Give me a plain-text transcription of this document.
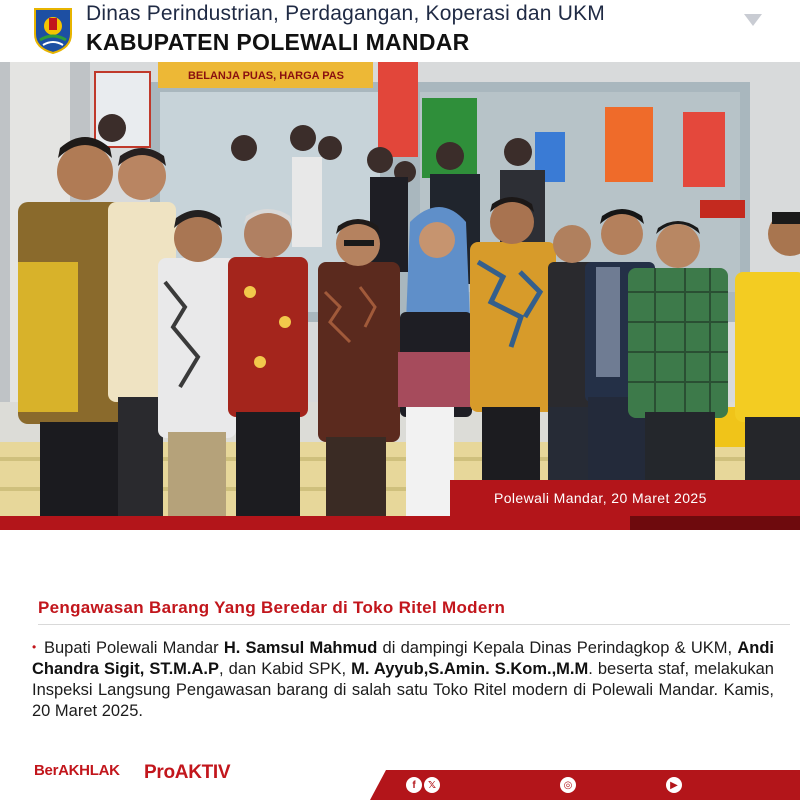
Dinas Perindustrian, Perdagangan, Koperasi dan UKM
KABUPATEN POLEWALI MANDAR
BELANJA PUAS, HARGA PAS
Polewali Mandar, 20 Maret 2025
Pengawasan Barang Yang Beredar di Toko Ritel Modern
• Bupati Polewali Mandar H. Samsul Mahmud di dampingi Kepala Dinas Perindagkop & UKM, Andi Chandra Sigit, ST.M.A.P, dan Kabid SPK, M. Ayyub,S.Amin. S.Kom.,M.M. beserta staf, melakukan Inspeksi Langsung Pengawasan barang di salah satu Toko Ritel modern di Polewali Mandar. Kamis, 20 Maret 2025.
BerAKHLAK ProAKTIV
f	𝕏	◎	▶
